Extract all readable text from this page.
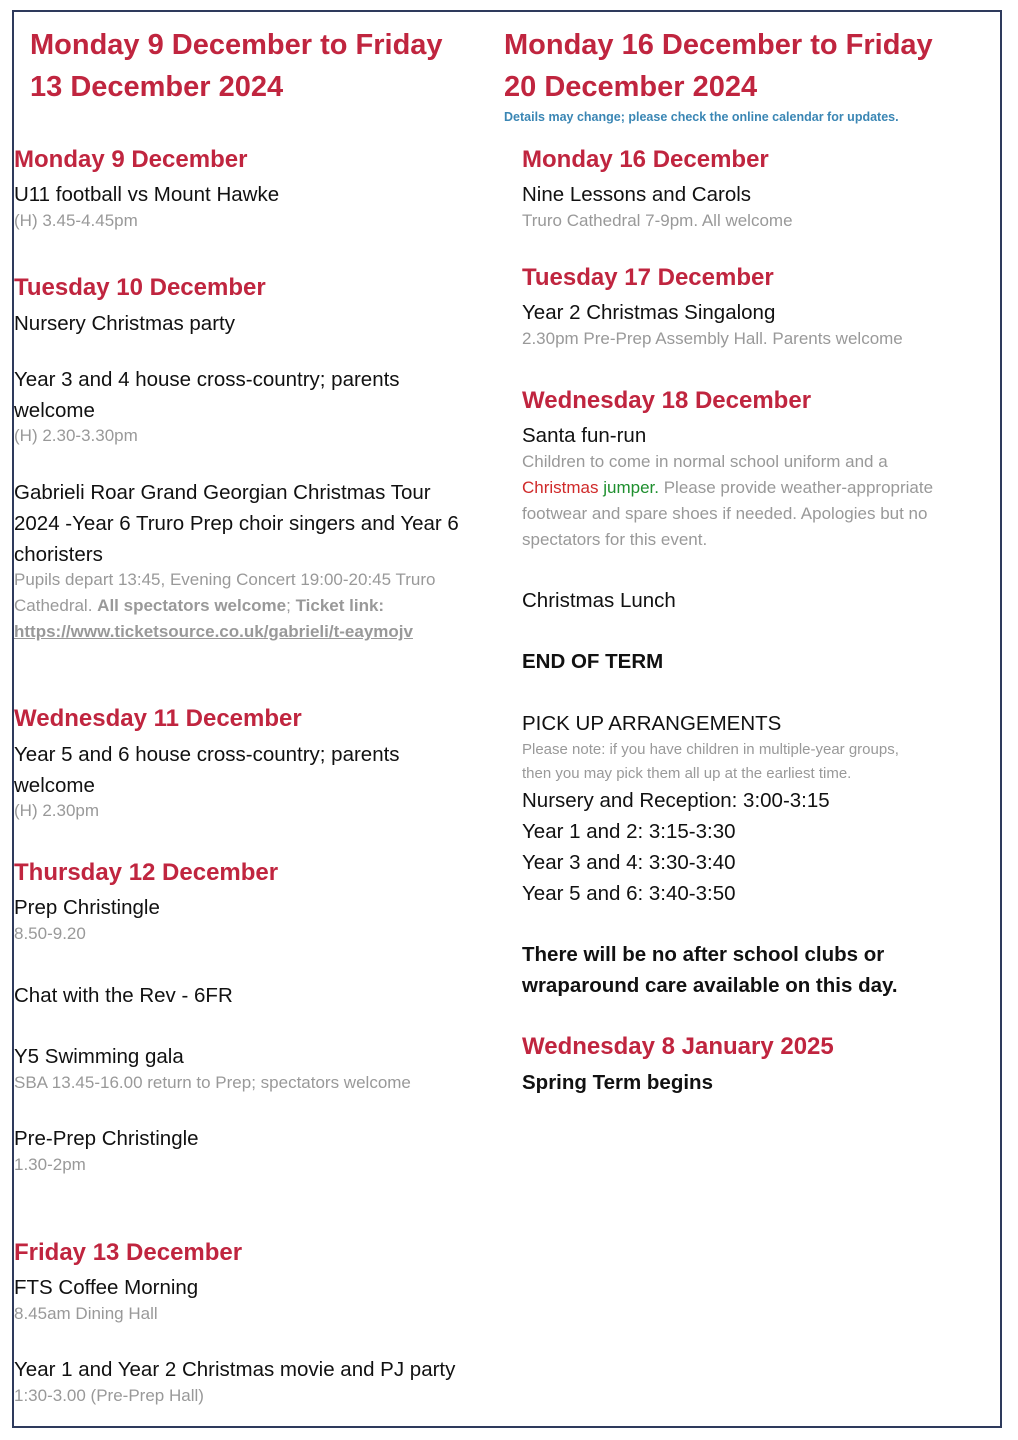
Monday 9 December to Friday
13 December 2024
Monday 9 December
U11 football vs Mount Hawke
(H) 3.45-4.45pm
Tuesday 10 December
Nursery Christmas party
Year 3 and 4 house cross-country; parents
welcome
(H) 2.30-3.30pm
Gabrieli Roar Grand Georgian Christmas Tour
2024 -Year 6 Truro Prep choir singers and Year 6
choristers
Pupils depart 13:45, Evening Concert 19:00-20:45 Truro
Cathedral. All spectators welcome; Ticket link:
https://www.ticketsource.co.uk/gabrieli/t-eaymojv
Wednesday 11 December
Year 5 and 6 house cross-country; parents
welcome
(H) 2.30pm
Thursday 12 December
Prep Christingle
8.50-9.20
Chat with the Rev - 6FR
Y5 Swimming gala
SBA 13.45-16.00 return to Prep; spectators welcome
Pre-Prep Christingle
1.30-2pm
Friday 13 December
FTS Coffee Morning
8.45am Dining Hall
Year 1 and Year 2 Christmas movie and PJ party
1:30-3.00 (Pre-Prep Hall)
Monday 16 December to Friday
20 December 2024
Details may change; please check the online calendar for updates.
Monday 16 December
Nine Lessons and Carols
Truro Cathedral 7-9pm. All welcome
Tuesday 17 December
Year 2 Christmas Singalong
2.30pm Pre-Prep Assembly Hall. Parents welcome
Wednesday 18 December
Santa fun-run
Children to come in normal school uniform and a
Christmas jumper. Please provide weather-appropriate
footwear and spare shoes if needed. Apologies but no
spectators for this event.
Christmas Lunch
END OF TERM
PICK UP ARRANGEMENTS
Please note: if you have children in multiple-year groups,
then you may pick them all up at the earliest time.
Nursery and Reception: 3:00-3:15
Year 1 and 2: 3:15-3:30
Year 3 and 4: 3:30-3:40
Year 5 and 6: 3:40-3:50
There will be no after school clubs or
wraparound care available on this day.
Wednesday 8 January 2025
Spring Term begins
